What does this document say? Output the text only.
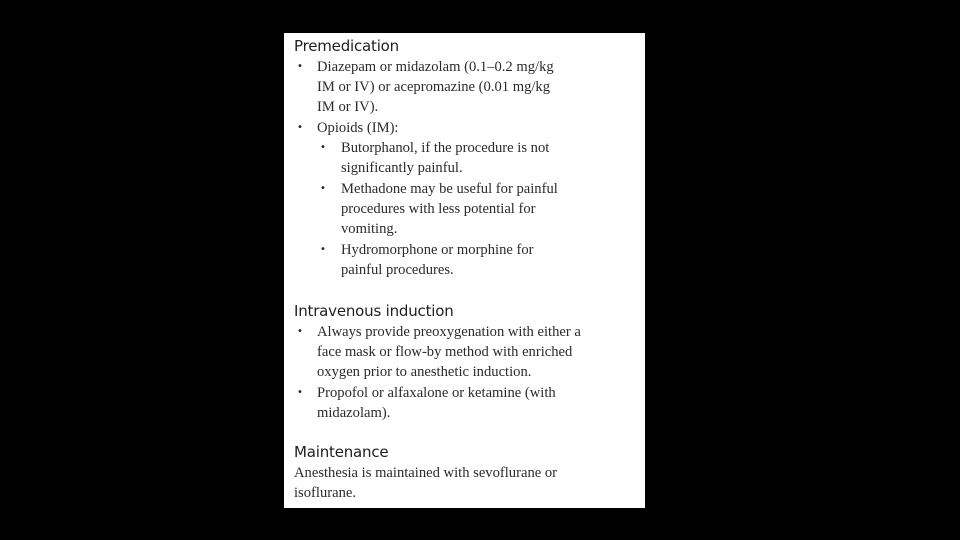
Premedication
• Diazepam or midazolam (0.1–0.2 mg/kg
IM or IV) or acepromazine (0.01 mg/kg
IM or IV).
• Opioids (IM):
• Butorphanol, if the procedure is not
significantly painful.
• Methadone may be useful for painful
procedures with less potential for
vomiting.
• Hydromorphone or morphine for
painful procedures.
Intravenous induction
• Always provide preoxygenation with either a
face mask or flow-by method with enriched
oxygen prior to anesthetic induction.
• Propofol or alfaxalone or ketamine (with
midazolam).
Maintenance
Anesthesia is maintained with sevoflurane or
isoflurane.
